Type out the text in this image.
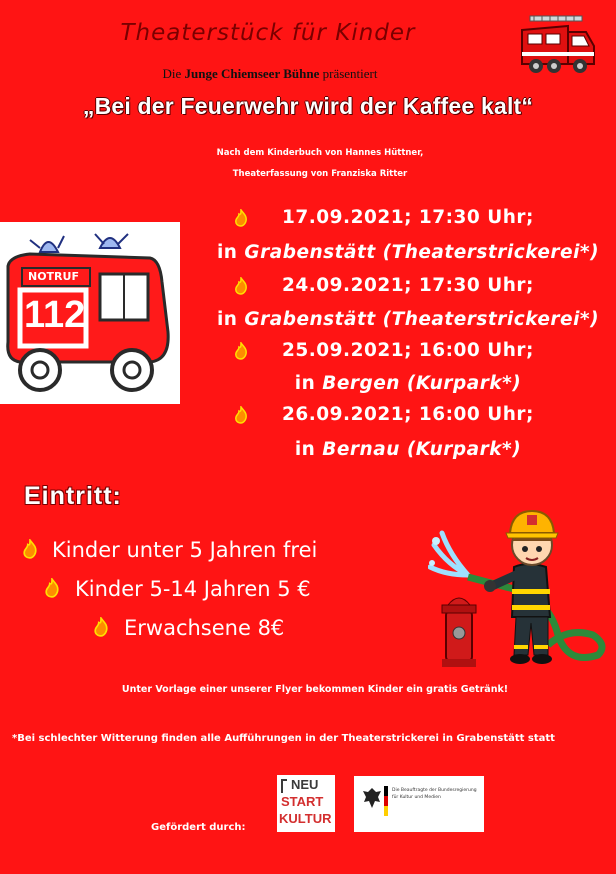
Theaterstück für Kinder
Die Junge Chiemseer Bühne präsentiert
„Bei der Feuerwehr wird der Kaffee kalt“
Nach dem Kinderbuch von Hannes Hüttner,
Theaterfassung von Franziska Ritter
NOTRUF
112
17.09.2021; 17:30 Uhr;
in Grabenstätt (Theaterstrickerei*)
24.09.2021; 17:30 Uhr;
in Grabenstätt (Theaterstrickerei*)
25.09.2021; 16:00 Uhr;
in Bergen (Kurpark*)
26.09.2021; 16:00 Uhr;
in Bernau (Kurpark*)
Eintritt:
Kinder unter 5 Jahren frei
Kinder 5-14 Jahren 5 €
Erwachsene 8€
Unter Vorlage einer unserer Flyer bekommen Kinder ein gratis Getränk!
*Bei schlechter Witterung finden alle Aufführungen in der Theaterstrickerei in Grabenstätt statt
Gefördert durch:
NEU
START
KULTUR
Die Beauftragte der Bundesregierung
für Kultur und Medien
